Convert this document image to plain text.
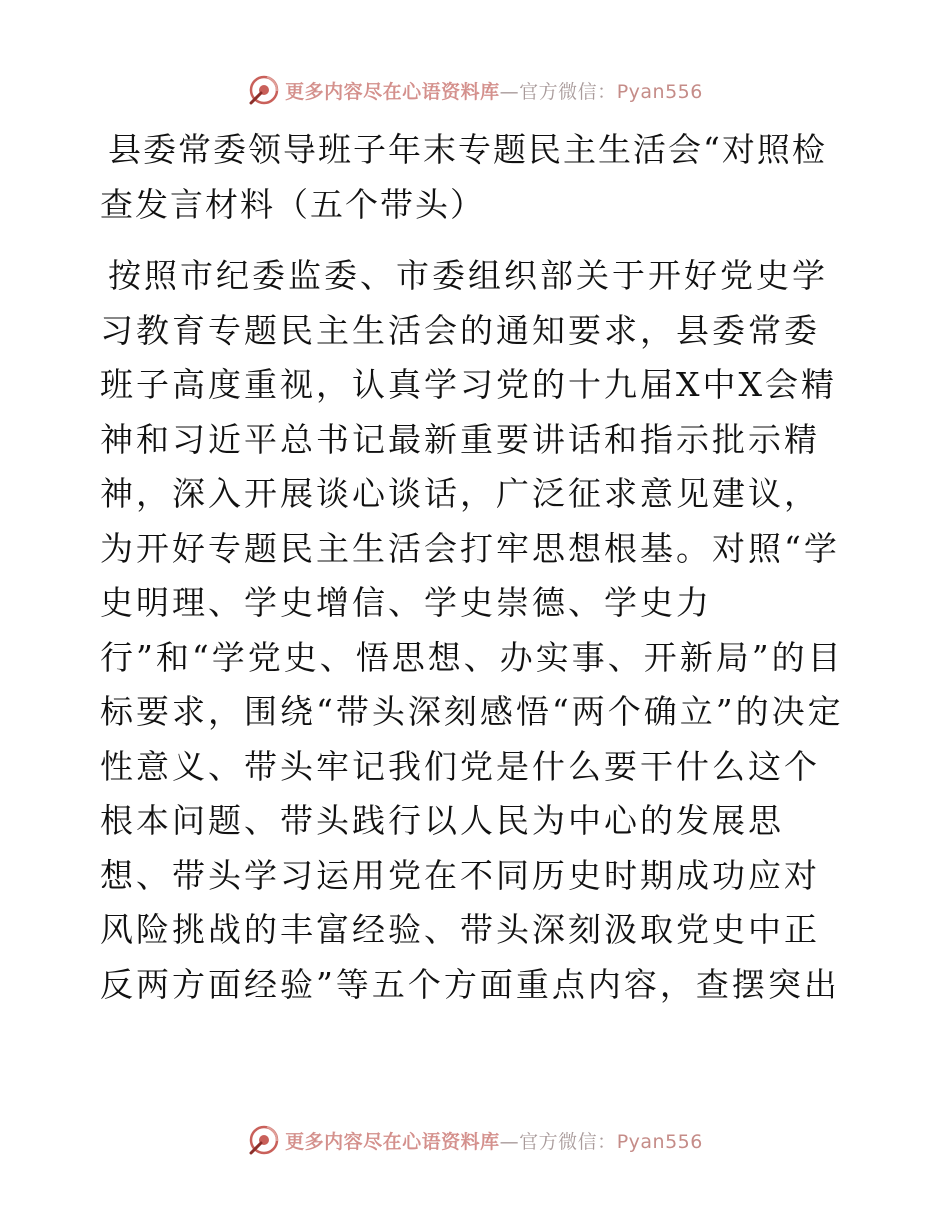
更多内容尽在心语资料库—官方微信：Pyan556
县委常委领导班子年末专题民主生活会“对照检查发言材料（五个带头）

按照市纪委监委、市委组织部关于开好党史学习教育专题民主生活会的通知要求，县委常委班子高度重视，认真学习党的十九届X中X会精神和习近平总书记最新重要讲话和指示批示精神，深入开展谈心谈话，广泛征求意见建议，为开好专题民主生活会打牢思想根基。对照“学史明理、学史增信、学史崇德、学史力行”和“学党史、悟思想、办实事、开新局”的目标要求，围绕“带头深刻感悟“两个确立”的决定性意义、带头牢记我们党是什么要干什么这个根本问题、带头践行以人民为中心的发展思想、带头学习运用党在不同历史时期成功应对风险挑战的丰富经验、带头深刻汲取党史中正反两方面经验”等五个方面重点内容，查摆突出

更多内容尽在心语资料库—官方微信：Pyan556
